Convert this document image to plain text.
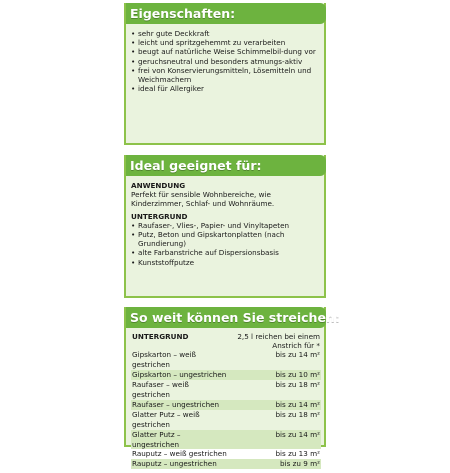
Eigenschaften:
• sehr gute Deckkraft
• leicht und spritzgehemmt zu verarbeiten
• beugt auf natürliche Weise Schimmelbil-dung vor
• geruchsneutral und besonders atmungs-aktiv
• frei von Konservierungsmitteln, Lösemitteln und Weichmachern
• ideal für Allergiker
Ideal geeignet für:
ANWENDUNG
Perfekt für sensible Wohnbereiche, wie Kinderzimmer, Schlaf- und Wohnräume.
UNTERGRUND
• Raufaser-, Vlies-, Papier- und Vinyltapeten
• Putz, Beton und Gipskartonplatten (nach Grundierung)
• alte Farbanstriche auf Dispersionsbasis
• Kunststoffputze
So weit können Sie streichen:
UNTERGRUND	2,5 l reichen bei einem Anstrich für *
Gipskarton – weiß gestrichen	bis zu 14 m²
Gipskarton – ungestrichen	bis zu 10 m²
Raufaser – weiß gestrichen	bis zu 18 m²
Raufaser – ungestrichen	bis zu 14 m²
Glatter Putz – weiß gestrichen	bis zu 18 m²
Glatter Putz – ungestrichen	bis zu 14 m²
Rauputz – weiß gestrichen	bis zu 13 m²
Rauputz – ungestrichen	bis zu 9 m²
